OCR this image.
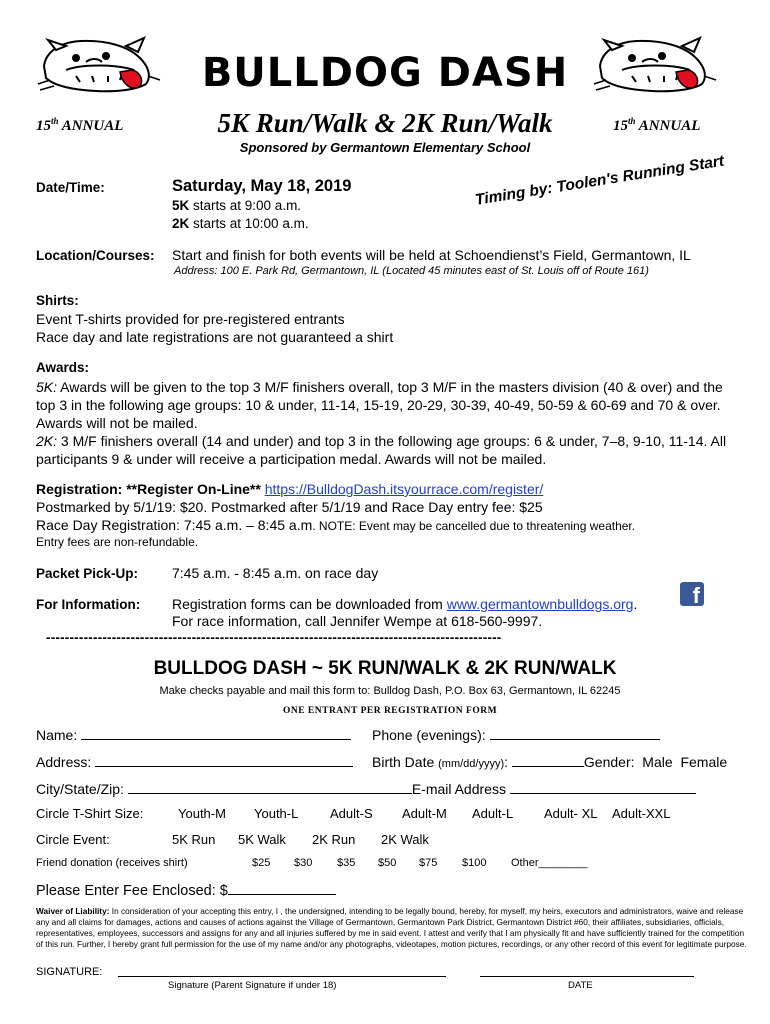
BULLDOG DASH
15th ANNUAL	5K Run/Walk & 2K Run/Walk	15th ANNUAL
Sponsored by Germantown Elementary School
Date/Time:	Saturday, May 18, 2019
5K starts at 9:00 a.m.
2K starts at 10:00 a.m.
Timing by: Toolen's Running Start
Location/Courses: Start and finish for both events will be held at Schoendienst’s Field, Germantown, IL
Address: 100 E. Park Rd, Germantown, IL (Located 45 minutes east of St. Louis off of Route 161)
Shirts:
Event T-shirts provided for pre-registered entrants
Race day and late registrations are not guaranteed a shirt
Awards:
5K: Awards will be given to the top 3 M/F finishers overall, top 3 M/F in the masters division (40 & over) and the top 3 in the following age groups: 10 & under, 11-14, 15-19, 20-29, 30-39, 40-49, 50-59 & 60-69 and 70 & over. Awards will not be mailed.
2K: 3 M/F finishers overall (14 and under) and top 3 in the following age groups: 6 & under, 7–8, 9-10, 11-14. All participants 9 & under will receive a participation medal. Awards will not be mailed.
Registration: **Register On-Line** https://BulldogDash.itsyourrace.com/register/
Postmarked by 5/1/19: $20. Postmarked after 5/1/19 and Race Day entry fee: $25
Race Day Registration: 7:45 a.m. – 8:45 a.m. NOTE: Event may be cancelled due to threatening weather.
Entry fees are non-refundable.
Packet Pick-Up: 7:45 a.m. - 8:45 a.m. on race day
For Information: Registration forms can be downloaded from www.germantownbulldogs.org.
For race information, call Jennifer Wempe at 618-560-9997.
f
-------------------------------------------------------------------------------------------------
BULLDOG DASH ~ 5K RUN/WALK & 2K RUN/WALK
Make checks payable and mail this form to: Bulldog Dash, P.O. Box 63, Germantown, IL 62245
ONE ENTRANT PER REGISTRATION FORM
Name:	Phone (evenings):
Address:	Birth Date (mm/dd/yyyy):	Gender: Male Female
City/State/Zip:	E-mail Address
Circle T-Shirt Size:	Youth-M Youth-L Adult-S Adult-M Adult-L Adult- XL Adult-XXL
Circle Event:	5K Run 5K Walk 2K Run 2K Walk
Friend donation (receives shirt)	$25 $30 $35 $50 $75 $100 Other________
Please Enter Fee Enclosed: $
Waiver of Liability: In consideration of your accepting this entry, I , the undersigned, intending to be legally bound, hereby, for myself, my heirs, executors and administrators, waive and release any and all claims for damages, actions and causes of actions against the Village of Germantown, Germantown Park District, Germantown District #60, their affiliates, subsidiaries, officials, representatives, employees, successors and assigns for any and all injuries suffered by me in said event. I attest and verify that I am physically fit and have sufficiently trained for the competition of this run. Further, I hereby grant full permission for the use of my name and/or any photographs, videotapes, motion pictures, recordings, or any other record of this event for legitimate purpose.
SIGNATURE:
Signature (Parent Signature if under 18)	DATE
